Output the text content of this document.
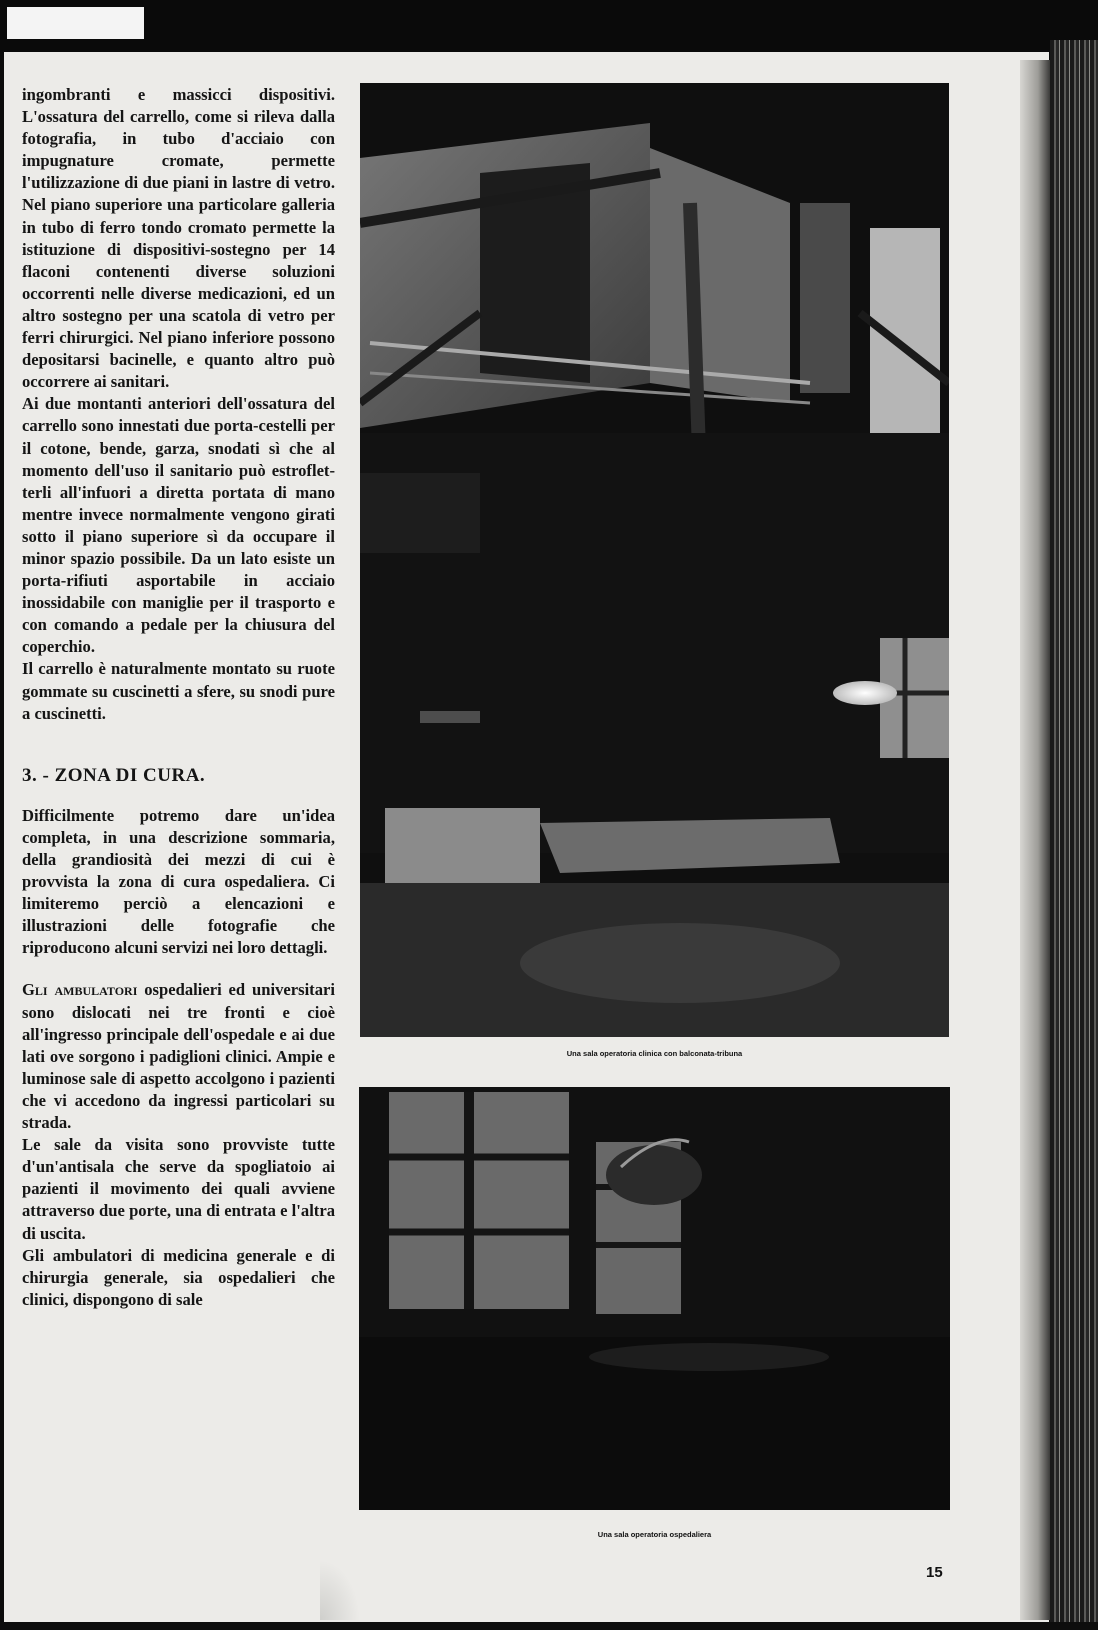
ingombranti e massicci dispositivi. L'ossatura del carrello, come si rileva dalla fotografia, in tubo d'acciaio con impugnature cromate, permette l'utilizzazione di due piani in lastre di vetro. Nel piano superiore una particolare galleria in tubo di ferro tondo cromato permette la istituzione di dispositivi-sostegno per 14 flaconi contenenti diverse soluzioni occorrenti nelle diverse medicazioni, ed un altro sostegno per una scatola di vetro per ferri chirurgici. Nel piano inferiore possono depositarsi bacinelle, e quanto altro può occorrere ai sanitari.

Ai due montanti anteriori dell'ossatura del carrello sono innestati due porta-cestelli per il cotone, bende, garza, snodati sì che al momento dell'uso il sanitario può estrofletterli all'infuori a diretta portata di mano mentre invece normalmente vengono girati sotto il piano superiore sì da occupare il minor spazio possibile. Da un lato esiste un porta-rifiuti asportabile in acciaio inossidabile con maniglie per il trasporto e con comando a pedale per la chiusura del coperchio.

Il carrello è naturalmente montato su ruote gommate su cuscinetti a sfere, su snodi pure a cuscinetti.

3. - ZONA DI CURA.

Difficilmente potremo dare un'idea completa, in una descrizione sommaria, della grandiosità dei mezzi di cui è provvista la zona di cura ospedaliera. Ci limiteremo perciò a elencazioni e illustrazioni delle fotografie che riproducono alcuni servizi nei loro dettagli.

Gli ambulatori ospedalieri ed universitari sono dislocati nei tre fronti e cioè all'ingresso principale dell'ospedale e ai due lati ove sorgono i padiglioni clinici. Ampie e luminose sale di aspetto accolgono i pazienti che vi accedono da ingressi particolari su strada.

Le sale da visita sono provviste tutte d'un'antisala che serve da spogliatoio ai pazienti il movimento dei quali avviene attraverso due porte, una di entrata e l'altra di uscita.

Gli ambulatori di medicina generale e di chirurgia generale, sia ospedalieri che clinici, dispongono di sale

Una sala operatoria clinica con balconata-tribuna
Una sala operatoria ospedaliera
15
